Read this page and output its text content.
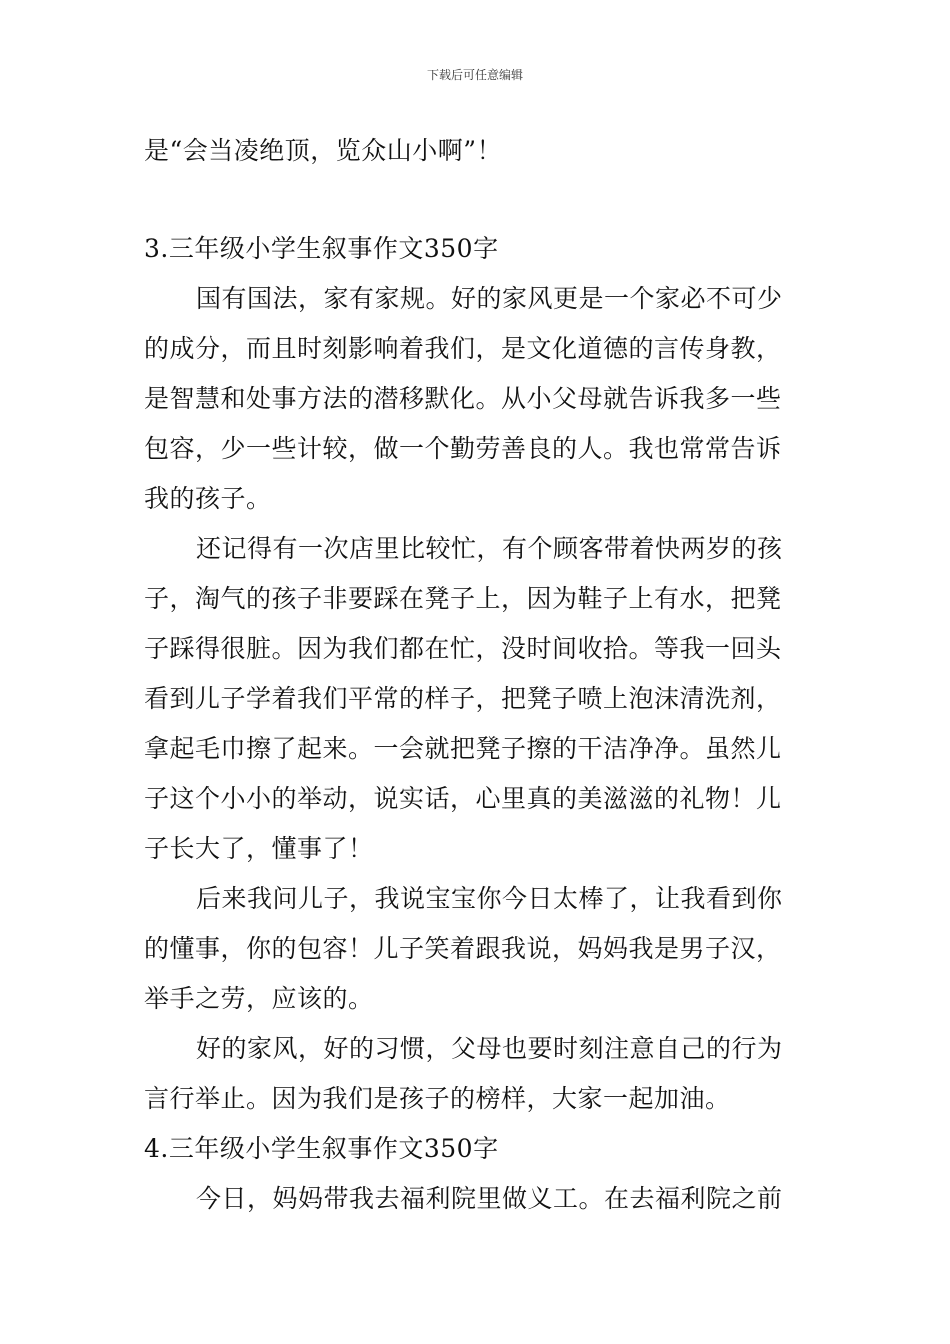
下载后可任意编辑
是“会当凌绝顶，览众山小啊”！
3.三年级小学生叙事作文350字
国有国法，家有家规。好的家风更是一个家必不可少
的成分，而且时刻影响着我们，是文化道德的言传身教，
是智慧和处事方法的潜移默化。从小父母就告诉我多一些
包容，少一些计较，做一个勤劳善良的人。我也常常告诉
我的孩子。
还记得有一次店里比较忙，有个顾客带着快两岁的孩
子，淘气的孩子非要踩在凳子上，因为鞋子上有水，把凳
子踩得很脏。因为我们都在忙，没时间收拾。等我一回头
看到儿子学着我们平常的样子，把凳子喷上泡沫清洗剂，
拿起毛巾擦了起来。一会就把凳子擦的干洁净净。虽然儿
子这个小小的举动，说实话，心里真的美滋滋的礼物！儿
子长大了，懂事了！
后来我问儿子，我说宝宝你今日太棒了，让我看到你
的懂事，你的包容！儿子笑着跟我说，妈妈我是男子汉，
举手之劳，应该的。
好的家风，好的习惯，父母也要时刻注意自己的行为
言行举止。因为我们是孩子的榜样，大家一起加油。
4.三年级小学生叙事作文350字
今日，妈妈带我去福利院里做义工。在去福利院之前
